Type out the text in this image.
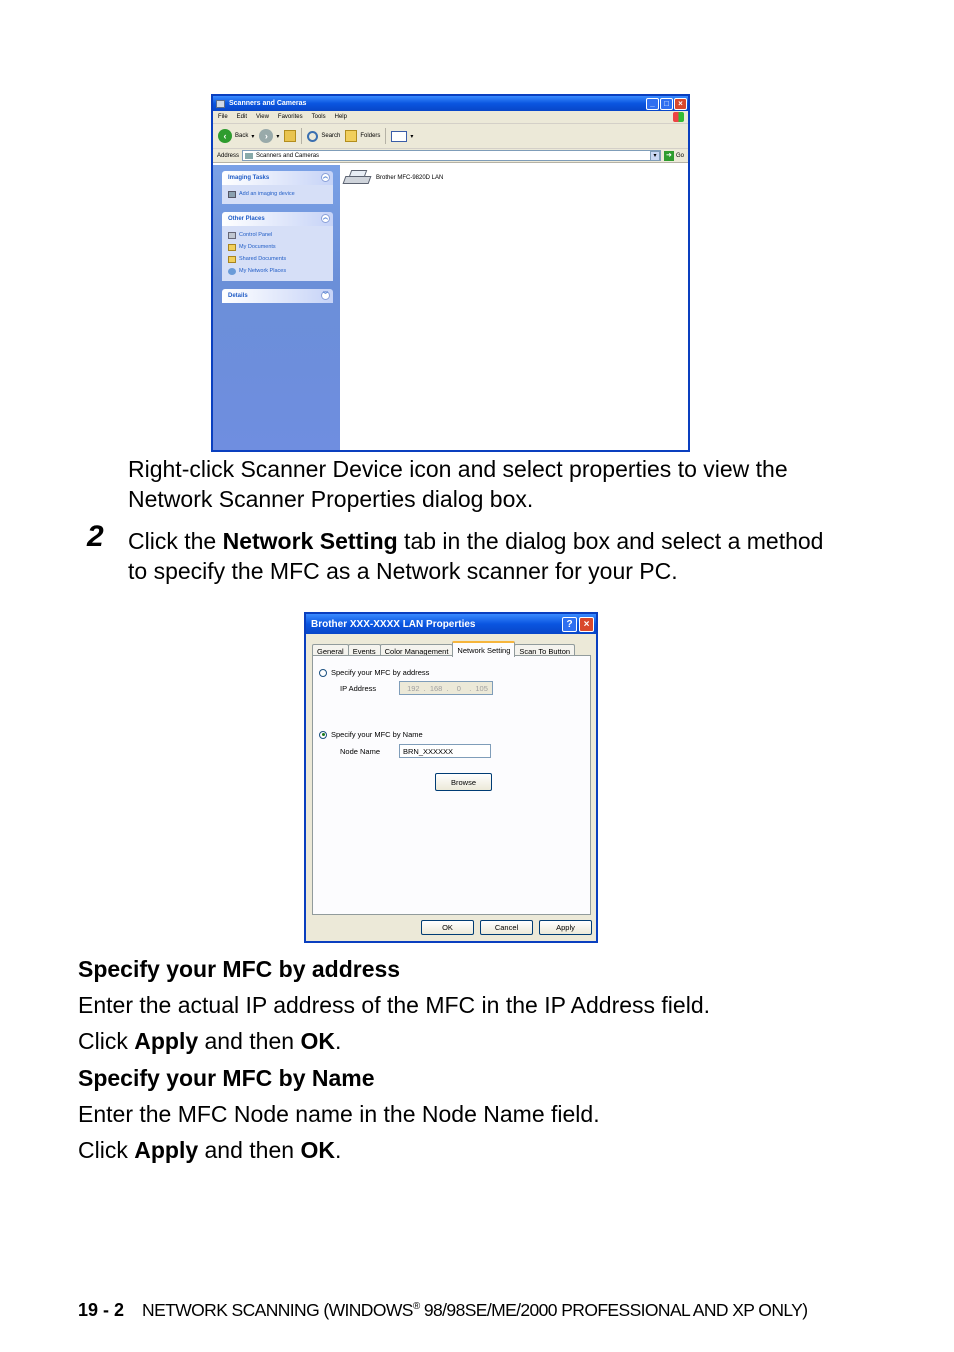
Scanners and Cameras	_	□	×
File Edit View Favorites Tools Help
‹	Back ▾	›	▾	Search	Folders	▾
Address	Scanners and Cameras	▾	➜ Go
Imaging Tasks	︽
Add an imaging device
Other Places	︽
Control Panel
My Documents
Shared Documents
My Network Places
Details	︾
Brother MFC-9820D LAN
Right-click Scanner Device icon and select properties to view the Network Scanner Properties dialog box.
2 Click the Network Setting tab in the dialog box and select a method to specify the MFC as a Network scanner for your PC.
Brother XXX-XXXX LAN Properties	?	×
General	Events	Color Management	Network Setting	Scan To Button
Specify your MFC by address
IP Address	192 . 168 .	0	. 105
Specify your MFC by Name
Node Name	BRN_XXXXXX
Browse
OK	Cancel	Apply
Specify your MFC by address
Enter the actual IP address of the MFC in the IP Address field.
Click Apply and then OK.
Specify your MFC by Name
Enter the MFC Node name in the Node Name field.
Click Apply and then OK.
19 - 2 NETWORK SCANNING (WINDOWS® 98/98SE/ME/2000 PROFESSIONAL AND XP ONLY)
